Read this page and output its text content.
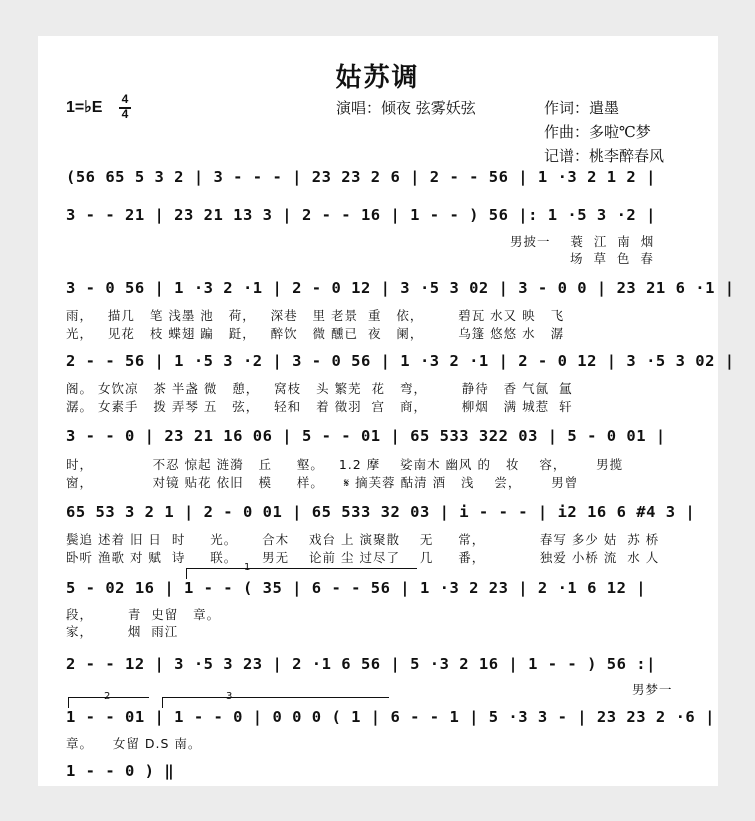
姑苏调
1=♭E	4
4	演唱：倾夜 弦雾妖弦	作词：遣墨
作曲：多啦℃梦
记谱：桃李醉春风
(56 65 5 3 2 | 3 - - - | 23 23 2 6 | 2 - - 56 | 1 ·3 2 1 2 |
3 - - 21 | 23 21 13 3 | 2 - - 16 | 1 - - ) 56 |: 1 ·5 3 ·2 |
男披一    蓑  江  南  烟
场  草  色  春
3 - 0 56 | 1 ·3 2 ·1 | 2 - 0 12 | 3 ·5 3 02 | 3 - 0 0 | 23 21 6 ·1 |
雨，   描几   笔 浅墨 池   荷，   深巷   里 老景  重   依，       碧瓦 水又 映   飞
光，   见花   枝 蝶翅 蹁   跹，   醉饮   微 醺已  夜   阑，       乌篷 悠悠 水   潺
2 - - 56 | 1 ·5 3 ·2 | 3 - 0 56 | 1 ·3 2 ·1 | 2 - 0 12 | 3 ·5 3 02 |
阁。 女饮凉   茶 半盏 微   憩，   窝枝   头 繁芜  花   弯，       静待   香 气氤  氲
潺。 女素手   拨 弄琴 五   弦，   轻和   着 徵羽  宫   商，       柳烟   满 城惹  轩
3 - - 0 | 23 21 16 06 | 5 - - 01 | 65 533 322 03 | 5 - 0 01 |
时，            不忍 惊起 涟漪   丘     壑。   1.2 摩    娑南木 幽风 的   妆    容，      男揽
窗，            对镜 贴花 依旧   模     样。    𝄋 摘芙蓉 酤清 酒   浅    尝，      男曾
65 53 3 2 1 | 2 - 0 01 | 65 533 32 03 | i - - - | i2 16 6 #4 3 |
鬓追 述着 旧 日  时     光。     合木    戏台 上 演聚散    无     常，           春写 多少 姑  苏 桥
卧听 渔歌 对 赋  诗     联。     男无    论前 尘 过尽了    几     番，           独爱 小桥 流  水 人
1
5 - 02 16 | 1 - - ( 35 | 6 - - 56 | 1 ·3 2 23 | 2 ·1 6 12 |
段，       青  史留   章。
家，       烟  雨江
2 - - 12 | 3 ·5 3 23 | 2 ·1 6 56 | 5 ·3 2 16 | 1 - - ) 56 :|
男梦一
2	3
1 - - 01 | 1 - - 0 | 0 0 0 ( 1 | 6 - - 1 | 5 ·3 3 - | 23 23 2 ·6 |
章。    女留 D.S 南。
1 - - 0 ) ‖
